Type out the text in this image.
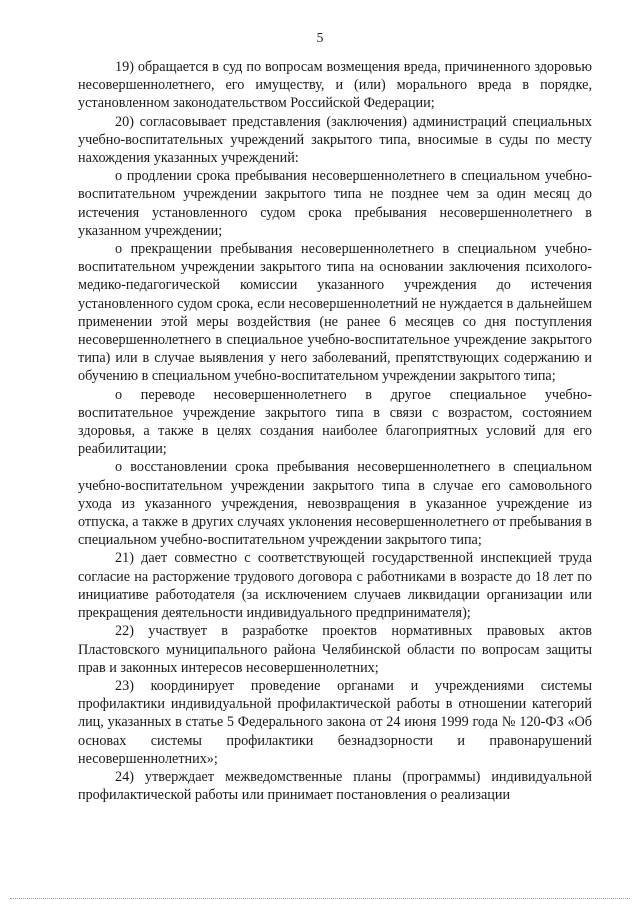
5

19) обращается в суд по вопросам возмещения вреда, причиненного здоровью несовершеннолетнего, его имуществу, и (или) морального вреда в порядке, установленном законодательством Российской Федерации;

20) согласовывает представления (заключения) администраций специальных учебно-воспитательных учреждений закрытого типа, вносимые в суды по месту нахождения указанных учреждений:

о продлении срока пребывания несовершеннолетнего в специальном учебно-воспитательном учреждении закрытого типа не позднее чем за один месяц до истечения установленного судом срока пребывания несовершеннолетнего в указанном учреждении;

о прекращении пребывания несовершеннолетнего в специальном учебно-воспитательном учреждении закрытого типа на основании заключения психолого-медико-педагогической комиссии указанного учреждения до истечения установленного судом срока, если несовершеннолетний не нуждается в дальнейшем применении этой меры воздействия (не ранее 6 месяцев со дня поступления несовершеннолетнего в специальное учебно-воспитательное учреждение закрытого типа) или в случае выявления у него заболеваний, препятствующих содержанию и обучению в специальном учебно-воспитательном учреждении закрытого типа;

о переводе несовершеннолетнего в другое специальное учебно-воспитательное учреждение закрытого типа в связи с возрастом, состоянием здоровья, а также в целях создания наиболее благоприятных условий для его реабилитации;

о восстановлении срока пребывания несовершеннолетнего в специальном учебно-воспитательном учреждении закрытого типа в случае его самовольного ухода из указанного учреждения, невозвращения в указанное учреждение из отпуска, а также в других случаях уклонения несовершеннолетнего от пребывания в специальном учебно-воспитательном учреждении закрытого типа;

21) дает совместно с соответствующей государственной инспекцией труда согласие на расторжение трудового договора с работниками в возрасте до 18 лет по инициативе работодателя (за исключением случаев ликвидации организации или прекращения деятельности индивидуального предпринимателя);

22) участвует в разработке проектов нормативных правовых актов Пластовского муниципального района Челябинской области по вопросам защиты прав и законных интересов несовершеннолетних;

23) координирует проведение органами и учреждениями системы профилактики индивидуальной профилактической работы в отношении категорий лиц, указанных в статье 5 Федерального закона от 24 июня 1999 года № 120-ФЗ «Об основах системы профилактики безнадзорности и правонарушений несовершеннолетних»;

24) утверждает межведомственные планы (программы) индивидуальной профилактической работы или принимает постановления о реализации
